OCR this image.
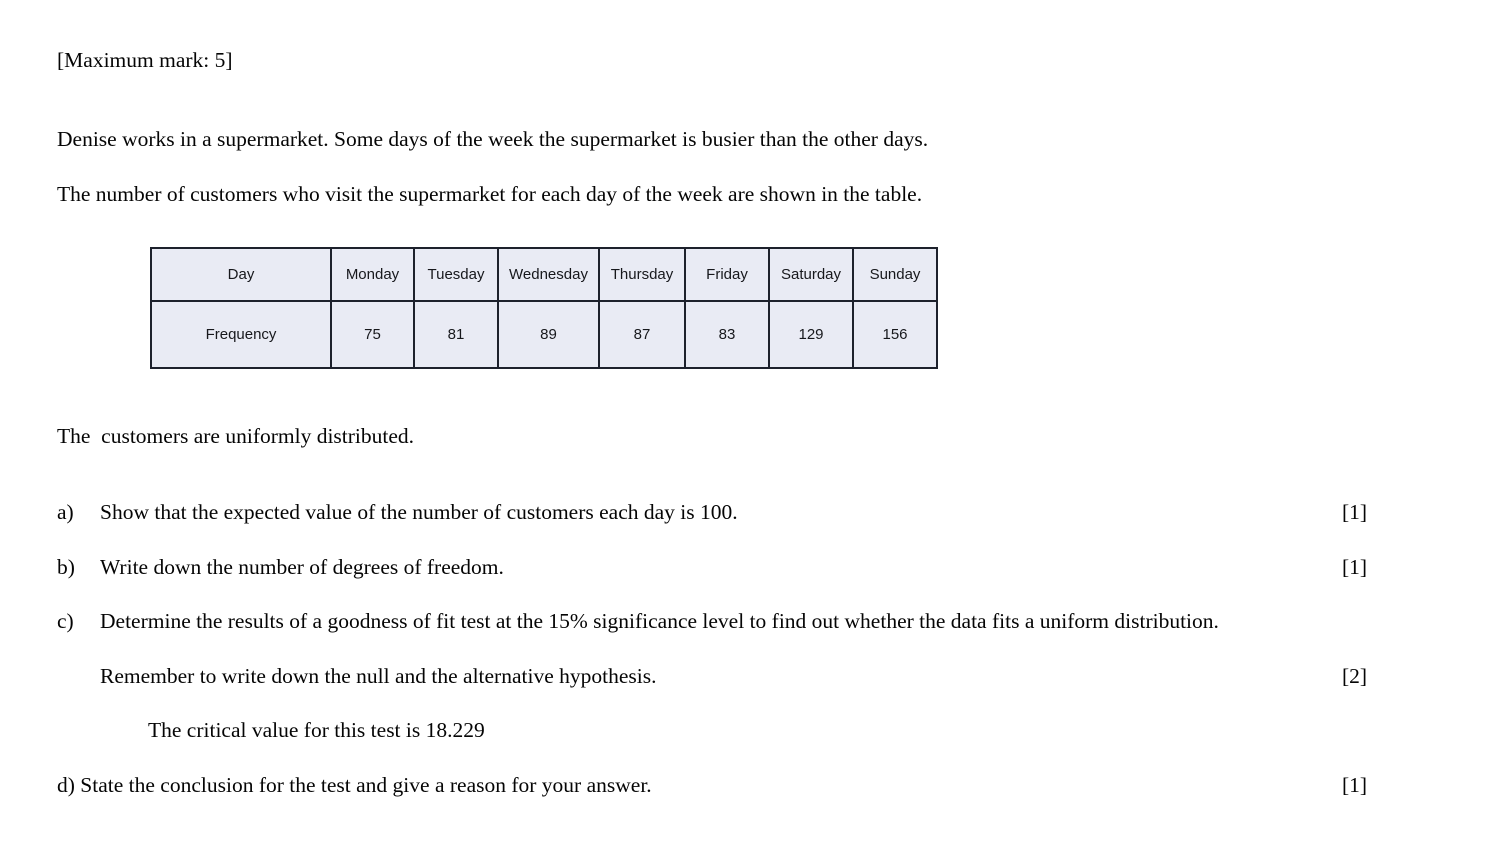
[Maximum mark: 5]
Denise works in a supermarket. Some days of the week the supermarket is busier than the other days.
The number of customers who visit the supermarket for each day of the week are shown in the table.
Day	Monday	Tuesday	Wednesday	Thursday	Friday	Saturday	Sunday
Frequency	75	81	89	87	83	129	156
The  customers are uniformly distributed.
a) Show that the expected value of the number of customers each day is 100.	[1]
b) Write down the number of degrees of freedom.	[1]
c) Determine the results of a goodness of fit test at the 15% significance level to find out whether the data fits a uniform distribution.
Remember to write down the null and the alternative hypothesis.	[2]
The critical value for this test is 18.229
d) State the conclusion for the test and give a reason for your answer.	[1]
